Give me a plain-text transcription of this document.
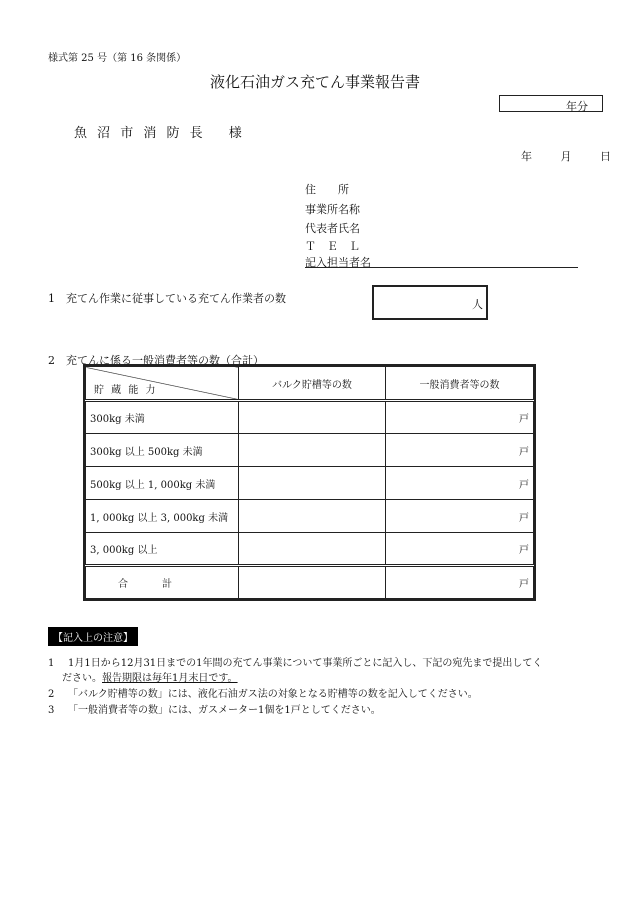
様式第 25 号（第 16 条関係）
液化石油ガス充てん事業報告書
年分
魚 沼 市 消 防 長　 様
年　 月　 日
住　　所
事業所名称
代表者氏名
Ｔ　Ｅ　Ｌ
記入担当者名
1　充てん作業に従事している充てん作業者の数	人
2　充てんに係る一般消費者等の数（合計）
貯 蔵 能 力	バルク貯槽等の数	一般消費者等の数
300kg 未満		戸
300kg 以上 500kg 未満		戸
500kg 以上 1, 000kg 未満		戸
1, 000kg 以上 3, 000kg 未満		戸
3, 000kg 以上		戸
合計		戸
【記入上の注意】
1 1月1日から12月31日までの1年間の充てん事業について事業所ごとに記入し、下記の宛先まで提出してく
ださい。報告期限は毎年1月末日です。
2 「バルク貯槽等の数」には、液化石油ガス法の対象となる貯槽等の数を記入してください。
3 「一般消費者等の数」には、ガスメーター1個を1戸としてください。
